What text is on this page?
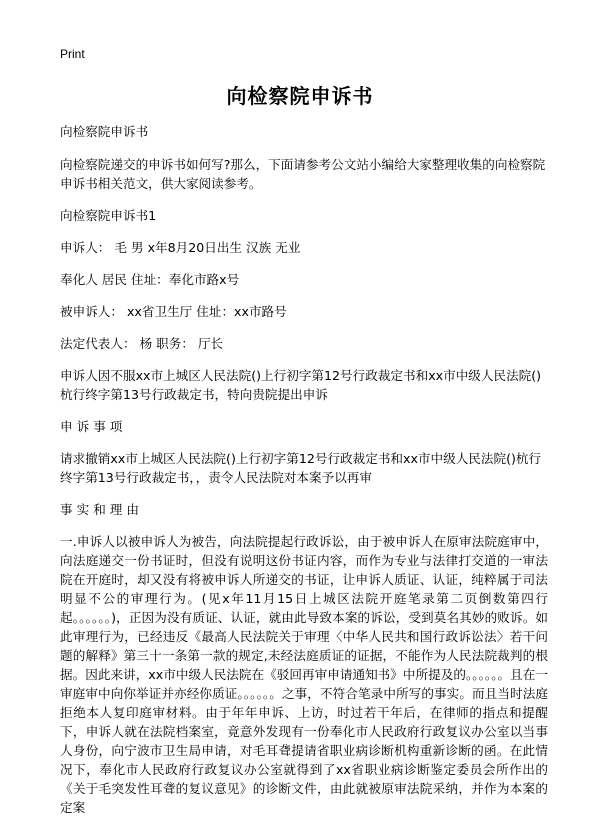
Print
向检察院申诉书

向检察院申诉书

向检察院递交的申诉书如何写?那么，下面请参考公文站小编给大家整理收集的向检察院申诉书相关范文，供大家阅读参考。

向检察院申诉书1

申诉人： 毛 男 x年8月20日出生 汉族 无业

奉化人 居民 住址：奉化市路x号

被申诉人： xx省卫生厅 住址：xx市路号

法定代表人： 杨 职务： 厅长

申诉人因不服xx市上城区人民法院()上行初字第12号行政裁定书和xx市中级人民法院()杭行终字第13号行政裁定书，特向贵院提出申诉

申 诉 事 项

请求撤销xx市上城区人民法院()上行初字第12号行政裁定书和xx市中级人民法院()杭行终字第13号行政裁定书，，责令人民法院对本案予以再审

事 实 和 理 由

一.申诉人以被申诉人为被告，向法院提起行政诉讼，由于被申诉人在原审法院庭审中，向法庭递交一份书证时，但没有说明这份书证内容，而作为专业与法律打交道的一审法院在开庭时，却又没有将被申诉人所递交的书证，让申诉人质证、认证，纯粹属于司法明显不公的审理行为。(见x年11月15日上城区法院开庭笔录第二页倒数第四行起。。。。。。)，正因为没有质证、认证，就由此导致本案的诉讼，受到莫名其妙的败诉。如此审理行为，已经违反《最高人民法院关于审理〈中华人民共和国行政诉讼法〉若干问题的解释》第三十一条第一款的规定,未经法庭质证的证据，不能作为人民法院裁判的根据。因此来讲，xx市中级人民法院在《驳回再审申请通知书》中所提及的。。。。。。且在一审庭审中向你举证并亦经你质证。。。。。。之事，不符合笔录中所写的事实。而且当时法庭拒绝本人复印庭审材料。由于年年申诉、上访，时过若干年后，在律师的指点和提醒下，申诉人就在法院档案室，竟意外发现有一份奉化市人民政府行政复议办公室以当事人身份，向宁波市卫生局申请，对毛耳聋提请省职业病诊断机构重新诊断的函。在此情况下，奉化市人民政府行政复议办公室就得到了xx省职业病诊断鉴定委员会所作出的《关于毛突发性耳聋的复议意见》的诊断文件，由此就被原审法院采纳，并作为本案的定案
